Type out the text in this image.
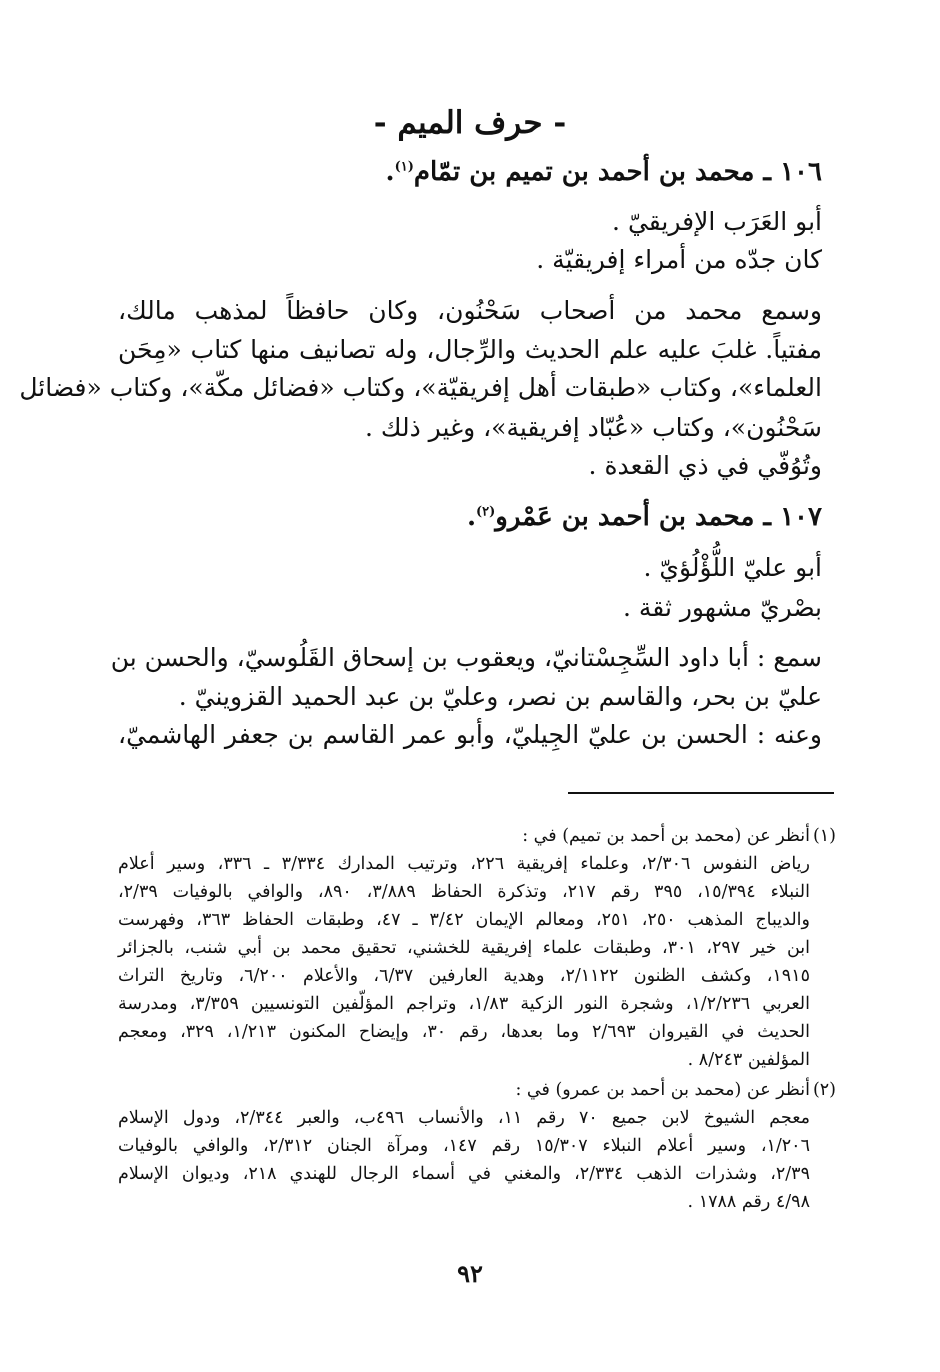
- حرف الميم -
١٠٦ ـ محمد بن أحمد بن تميم بن تمّام$^{(١)}$.
أبو العَرَب الإفريقيّ .
كان جدّه من أمراء إفريقيّة .
وسمع محمد من أصحاب سَحْنُون، وكان حافظاً لمذهب مالك،
مفتياً. غلبَ عليه علم الحديث والرِّجال، وله تصانيف منها كتاب «مِحَن
العلماء»، وكتاب «طبقات أهل إفريقيّة»، وكتاب «فضائل مكّة»، وكتاب «فضائل
سَحْنُون»، وكتاب «عُبّاد إفريقية»، وغير ذلك .
وتُوُفّي في ذي القعدة .
١٠٧ ـ محمد بن أحمد بن عَمْرو$^{(٢)}$.
أبو عليّ اللُّؤْلُؤيّ .
بصْريّ مشهور ثقة .
سمع : أبا داود السِّجِسْتانيّ، ويعقوب بن إسحاق القَلُوسيّ، والحسن بن
عليّ بن بحر، والقاسم بن نصر، وعليّ بن عبد الحميد القزوينيّ .
وعنه : الحسن بن عليّ الجِيليّ، وأبو عمر القاسم بن جعفر الهاشميّ،
(١)
أنظر عن (محمد بن أحمد بن تميم) في :
رياض النفوس ٢/٣٠٦، وعلماء إفريقية ٢٢٦، وترتيب المدارك ٣/٣٣٤ ـ ٣٣٦، وسير أعلام
النبلاء ١٥/٣٩٤، ٣٩٥ رقم ٢١٧، وتذكرة الحفاظ ٣/٨٨٩، ٨٩٠، والوافي بالوفيات ٢/٣٩،
والديباج المذهب ٢٥٠، ٢٥١، ومعالم الإيمان ٣/٤٢ ـ ٤٧، وطبقات الحفاظ ٣٦٣، وفهرست
ابن خير ٢٩٧، ٣٠١، وطبقات علماء إفريقية للخشني، تحقيق محمد بن أبي شنب، بالجزائر
١٩١٥، وكشف الظنون ٢/١١٢٢، وهدية العارفين ٦/٣٧، والأعلام ٦/٢٠٠، وتاريخ التراث
العربي ١/٢/٢٣٦، وشجرة النور الزكية ١/٨٣، وتراجم المؤلّفين التونسيين ٣/٣٥٩، ومدرسة
الحديث في القيروان ٢/٦٩٣ وما بعدها، رقم ٣٠، وإيضاح المكنون ١/٢١٣، ٣٢٩، ومعجم
المؤلفين ٨/٢٤٣ .
(٢)
أنظر عن (محمد بن أحمد بن عمرو) في :
معجم الشيوخ لابن جميع ٧٠ رقم ١١، والأنساب ٤٩٦ب، والعبر ٢/٣٤٤، ودول الإسلام
١/٢٠٦، وسير أعلام النبلاء ١٥/٣٠٧ رقم ١٤٧، ومرآة الجنان ٢/٣١٢، والوافي بالوفيات
٢/٣٩، وشذرات الذهب ٢/٣٣٤، والمغني في أسماء الرجال للهندي ٢١٨، وديوان الإسلام
٤/٩٨ رقم ١٧٨٨ .
٩٢
